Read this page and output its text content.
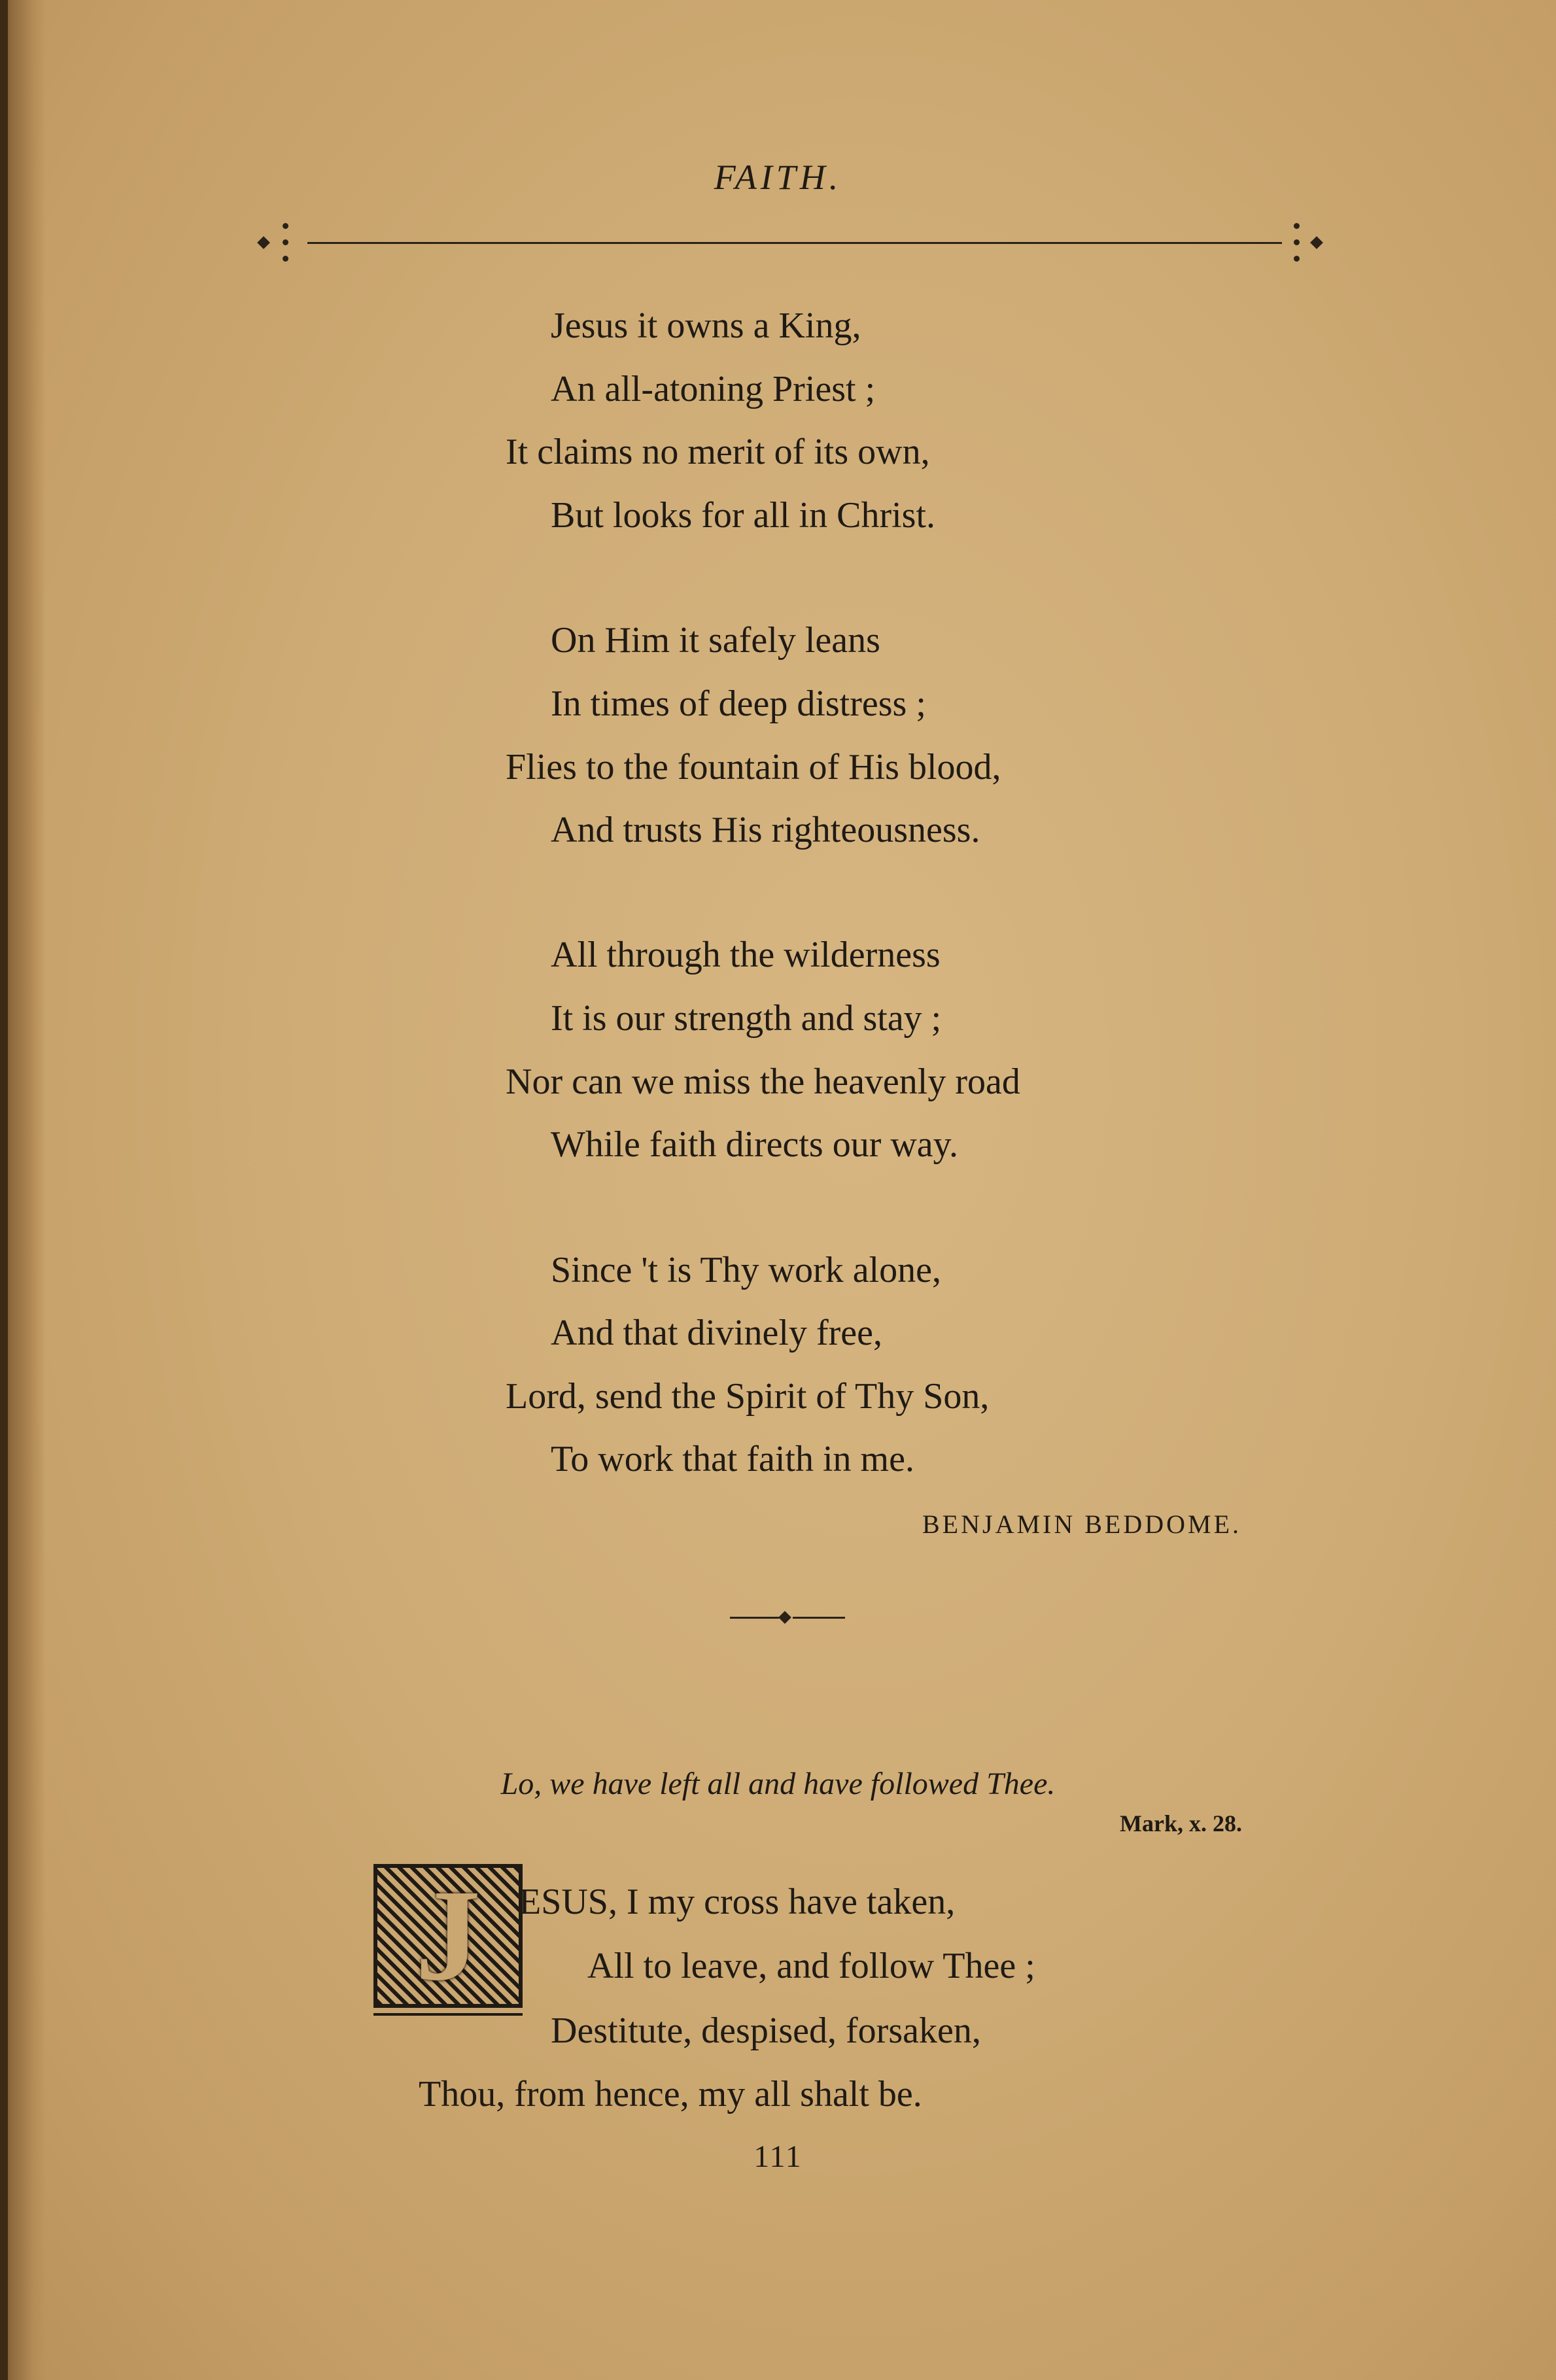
FAITH.
Jesus it owns a King,
An all-atoning Priest ;
It claims no merit of its own,
But looks for all in Christ.
On Him it safely leans
In times of deep distress ;
Flies to the fountain of His blood,
And trusts His righteousness.
All through the wilderness
It is our strength and stay ;
Nor can we miss the heavenly road
While faith directs our way.
Since 't is Thy work alone,
And that divinely free,
Lord, send the Spirit of Thy Son,
To work that faith in me.
BENJAMIN BEDDOME.
Lo, we have left all and have followed Thee.
Mark, x. 28.
J	ESUS, I my cross have taken,
All to leave, and follow Thee ;
Destitute, despised, forsaken,
Thou, from hence, my all shalt be.
111
